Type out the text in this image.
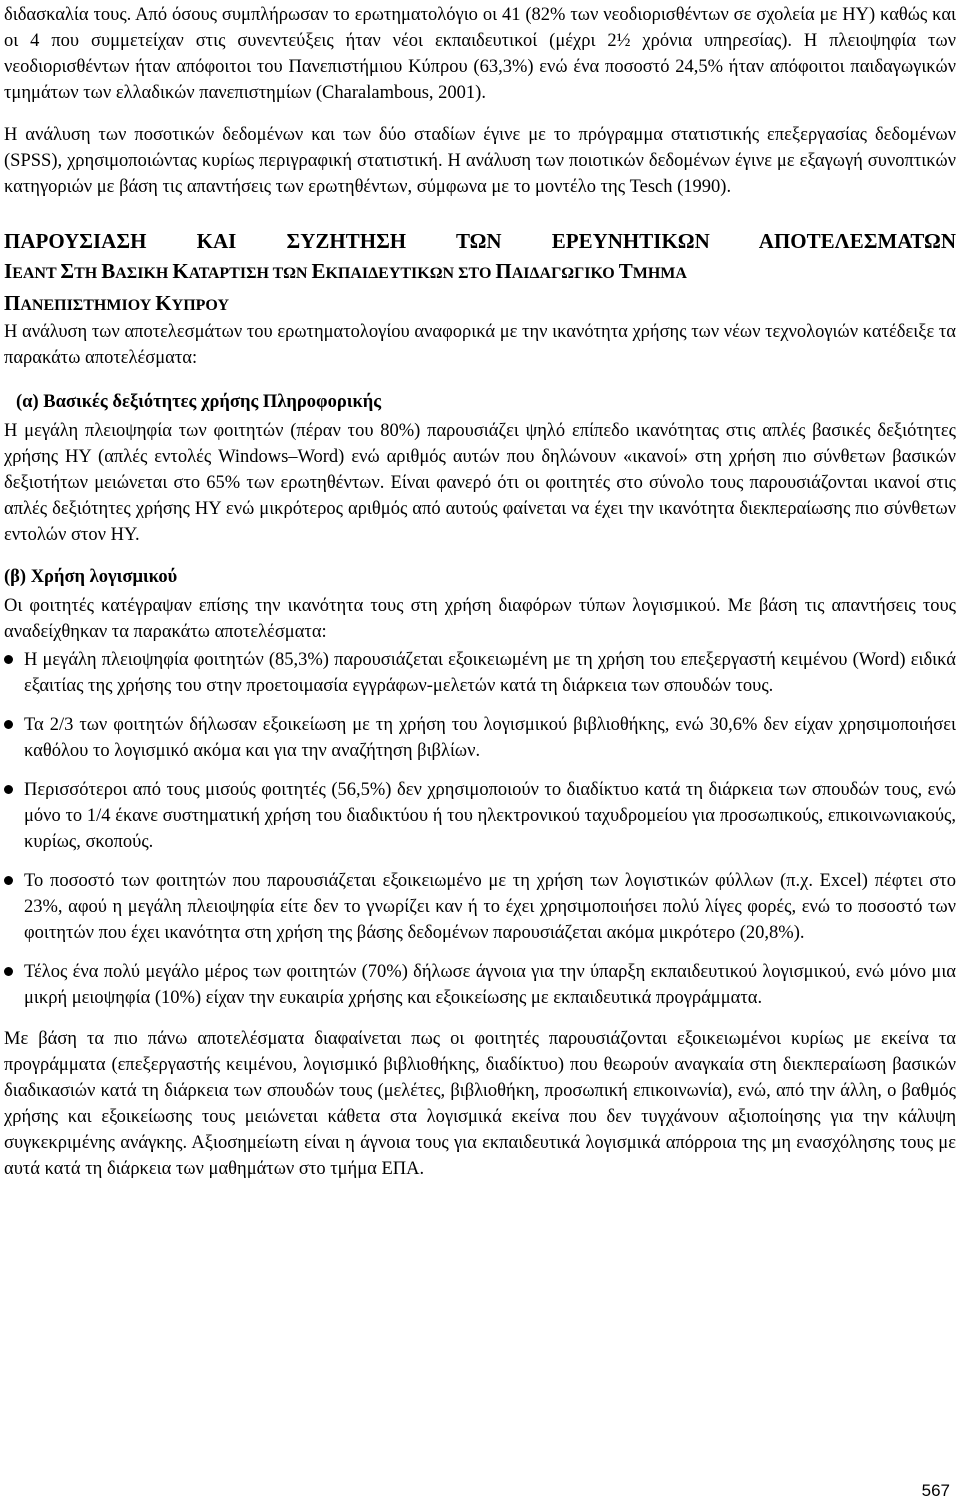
διδασκαλία τους. Από όσους συμπλήρωσαν το ερωτηματολόγιο οι 41 (82% των νεοδιορισθέντων σε σχολεία με ΗΥ) καθώς και οι 4 που συμμετείχαν στις συνεντεύξεις ήταν νέοι εκπαιδευτικοί (μέχρι 2½ χρόνια υπηρεσίας). Η πλειοψηφία των νεοδιορισθέντων ήταν απόφοιτοι του Πανεπιστήμιου Κύπρου (63,3%) ενώ ένα ποσοστό 24,5% ήταν απόφοιτοι παιδαγωγικών τμημάτων των ελλαδικών πανεπιστημίων (Charalambous, 2001).

Η ανάλυση των ποσοτικών δεδομένων και των δύο σταδίων έγινε με το πρόγραμμα στατιστικής επεξεργασίας δεδομένων (SPSS), χρησιμοποιώντας κυρίως περιγραφική στατιστική. Η ανάλυση των ποιοτικών δεδομένων έγινε με εξαγωγή συνοπτικών κατηγοριών με βάση τις απαντήσεις των ερωτηθέντων, σύμφωνα με το μοντέλο της Tesch (1990).

ΠΑΡΟΥΣΙΑΣΗ ΚΑΙ ΣΥΖΗΤΗΣΗ ΤΩΝ ΕΡΕΥΝΗΤΙΚΩΝ ΑΠΟΤΕΛΕΣΜΑΤΩΝ
ΙΕΑΝΤ ΣΤΗ ΒΑΣΙΚΗ ΚΑΤΑΡΤΙΣΗ ΤΩΝ ΕΚΠΑΙΔΕΥΤΙΚΩΝ ΣΤΟ ΠΑΙΔΑΓΩΓΙΚΟ ΤΜΗΜΑ
ΠΑΝΕΠΙΣΤΗΜΙΟΥ ΚΥΠΡΟΥ

Η ανάλυση των αποτελεσμάτων του ερωτηματολογίου αναφορικά με την ικανότητα χρήσης των νέων τεχνολογιών κατέδειξε τα παρακάτω αποτελέσματα:

(α) Βασικές δεξιότητες χρήσης Πληροφορικής

Η μεγάλη πλειοψηφία των φοιτητών (πέραν του 80%) παρουσιάζει ψηλό επίπεδο ικανότητας στις απλές βασικές δεξιότητες χρήσης ΗΥ (απλές εντολές Windows–Word) ενώ αριθμός αυτών που δηλώνουν «ικανοί» στη χρήση πιο σύνθετων βασικών δεξιοτήτων μειώνεται στο 65% των ερωτηθέντων. Είναι φανερό ότι οι φοιτητές στο σύνολο τους παρουσιάζονται ικανοί στις απλές δεξιότητες χρήσης ΗΥ ενώ μικρότερος αριθμός από αυτούς φαίνεται να έχει την ικανότητα διεκπεραίωσης πιο σύνθετων εντολών στον ΗΥ.

(β) Χρήση λογισμικού

Οι φοιτητές κατέγραψαν επίσης την ικανότητα τους στη χρήση διαφόρων τύπων λογισμικού. Με βάση τις απαντήσεις τους αναδείχθηκαν τα παρακάτω αποτελέσματα:

Η μεγάλη πλειοψηφία φοιτητών (85,3%) παρουσιάζεται εξοικειωμένη με τη χρήση του επεξεργαστή κειμένου (Word) ειδικά εξαιτίας της χρήσης του στην προετοιμασία εγγράφων-μελετών κατά τη διάρκεια των σπουδών τους.
Τα 2/3 των φοιτητών δήλωσαν εξοικείωση με τη χρήση του λογισμικού βιβλιοθήκης, ενώ 30,6% δεν είχαν χρησιμοποιήσει καθόλου το λογισμικό ακόμα και για την αναζήτηση βιβλίων.
Περισσότεροι από τους μισούς φοιτητές (56,5%) δεν χρησιμοποιούν το διαδίκτυο κατά τη διάρκεια των σπουδών τους, ενώ μόνο το 1/4 έκανε συστηματική χρήση του διαδικτύου ή του ηλεκτρονικού ταχυδρομείου για προσωπικούς, επικοινωνιακούς, κυρίως, σκοπούς.
Το ποσοστό των φοιτητών που παρουσιάζεται εξοικειωμένο με τη χρήση των λογιστικών φύλλων (π.χ. Excel) πέφτει στο 23%, αφού η μεγάλη πλειοψηφία είτε δεν το γνωρίζει καν ή το έχει χρησιμοποιήσει πολύ λίγες φορές, ενώ το ποσοστό των φοιτητών που έχει ικανότητα στη χρήση της βάσης δεδομένων παρουσιάζεται ακόμα μικρότερο (20,8%).
Τέλος ένα πολύ μεγάλο μέρος των φοιτητών (70%) δήλωσε άγνοια για την ύπαρξη εκπαιδευτικού λογισμικού, ενώ μόνο μια μικρή μειοψηφία (10%) είχαν την ευκαιρία χρήσης και εξοικείωσης με εκπαιδευτικά προγράμματα.

Με βάση τα πιο πάνω αποτελέσματα διαφαίνεται πως οι φοιτητές παρουσιάζονται εξοικειωμένοι κυρίως με εκείνα τα προγράμματα (επεξεργαστής κειμένου, λογισμικό βιβλιοθήκης, διαδίκτυο) που θεωρούν αναγκαία στη διεκπεραίωση βασικών διαδικασιών κατά τη διάρκεια των σπουδών τους (μελέτες, βιβλιοθήκη, προσωπική επικοινωνία), ενώ, από την άλλη, ο βαθμός χρήσης και εξοικείωσης τους μειώνεται κάθετα στα λογισμικά εκείνα που δεν τυγχάνουν αξιοποίησης για την κάλυψη συγκεκριμένης ανάγκης. Αξιοσημείωτη είναι η άγνοια τους για εκπαιδευτικά λογισμικά απόρροια της μη ενασχόλησης τους με αυτά κατά τη διάρκεια των μαθημάτων στο τμήμα ΕΠΑ.

567
